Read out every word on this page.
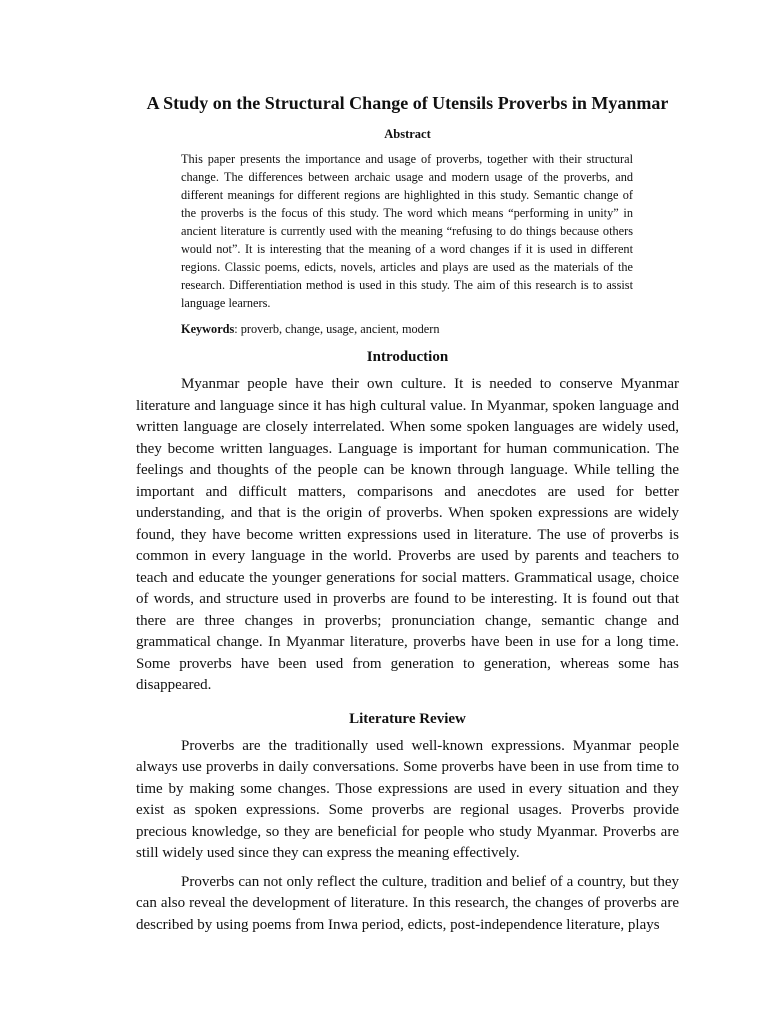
A Study on the Structural Change of Utensils Proverbs in Myanmar
Abstract

This paper presents the importance and usage of proverbs, together with their structural change. The differences between archaic usage and modern usage of the proverbs, and different meanings for different regions are highlighted in this study. Semantic change of the proverbs is the focus of this study. The word which means “performing in unity” in ancient literature is currently used with the meaning “refusing to do things because others would not”. It is interesting that the meaning of a word changes if it is used in different regions. Classic poems, edicts, novels, articles and plays are used as the materials of the research. Differentiation method is used in this study. The aim of this research is to assist language learners.

Keywords: proverb, change, usage, ancient, modern

Introduction

Myanmar people have their own culture. It is needed to conserve Myanmar literature and language since it has high cultural value. In Myanmar, spoken language and written language are closely interrelated. When some spoken languages are widely used, they become written languages. Language is important for human communication. The feelings and thoughts of the people can be known through language. While telling the important and difficult matters, comparisons and anecdotes are used for better understanding, and that is the origin of proverbs. When spoken expressions are widely found, they have become written expressions used in literature. The use of proverbs is common in every language in the world. Proverbs are used by parents and teachers to teach and educate the younger generations for social matters. Grammatical usage, choice of words, and structure used in proverbs are found to be interesting. It is found out that there are three changes in proverbs; pronunciation change, semantic change and grammatical change. In Myanmar literature, proverbs have been in use for a long time. Some proverbs have been used from generation to generation, whereas some has disappeared.

Literature Review

Proverbs are the traditionally used well-known expressions. Myanmar people always use proverbs in daily conversations. Some proverbs have been in use from time to time by making some changes. Those expressions are used in every situation and they exist as spoken expressions. Some proverbs are regional usages. Proverbs provide precious knowledge, so they are beneficial for people who study Myanmar. Proverbs are still widely used since they can express the meaning effectively.

Proverbs can not only reflect the culture, tradition and belief of a country, but they can also reveal the development of literature. In this research, the changes of proverbs are described by using poems from Inwa period, edicts, post-independence literature, plays
